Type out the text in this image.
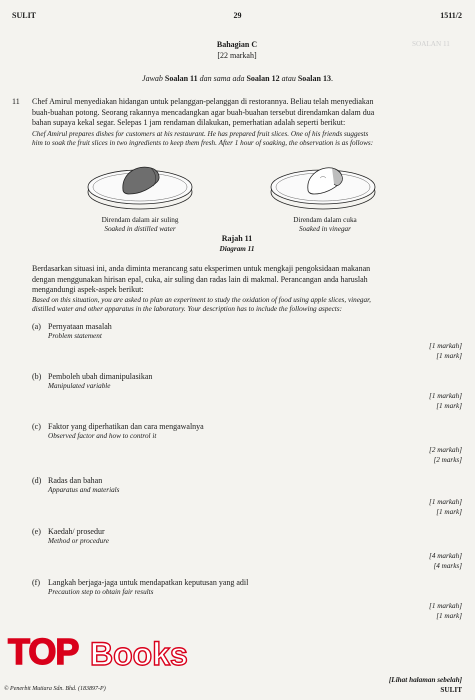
SULIT	29	1511/2
SOALAN 11
Bahagian C
[22 markah]
Jawab Soalan 11 dan sama ada Soalan 12 atau Soalan 13.
11 Chef Amirul menyediakan hidangan untuk pelanggan-pelanggan di restorannya. Beliau telah menyediakan
buah-buahan potong. Seorang rakannya mencadangkan agar buah-buahan tersebut direndamkan dalam dua
bahan supaya kekal segar. Selepas 1 jam rendaman dilakukan, pemerhatian adalah seperti berikut:
Chef Amirul prepares dishes for customers at his restaurant. He has prepared fruit slices. One of his friends suggests
him to soak the fruit slices in two ingredients to keep them fresh. After 1 hour of soaking, the observation is as follows:
Direndam dalam air suling
Soaked in distilled water
Direndam dalam cuka
Soaked in vinegar
Rajah 11
Diagram 11
Berdasarkan situasi ini, anda diminta merancang satu eksperimen untuk mengkaji pengoksidaan makanan
dengan menggunakan hirisan epal, cuka, air suling dan radas lain di makmal. Perancangan anda haruslah
mengandungi aspek-aspek berikut:
Based on this situation, you are asked to plan an experiment to study the oxidation of food using apple slices, vinegar,
distilled water and other apparatus in the laboratory. Your description has to include the following aspects:
(a) Pernyataan masalah
Problem statement
[1 markah]
[1 mark]
(b) Pemboleh ubah dimanipulasikan
Manipulated variable
[1 markah]
[1 mark]
(c) Faktor yang diperhatikan dan cara mengawalnya
Observed factor and how to control it
[2 markah]
[2 marks]
(d) Radas dan bahan
Apparatus and materials
[1 markah]
[1 mark]
(e) Kaedah/ prosedur
Method or procedure
[4 markah]
[4 marks]
(f) Langkah berjaga-jaga untuk mendapatkan keputusan yang adil
Precaution step to obtain fair results
[1 markah]
[1 mark]
TOP Books
© Penerbit Mutiara Sdn. Bhd. (183897-P)
[Lihat halaman sebelah]
SULIT
